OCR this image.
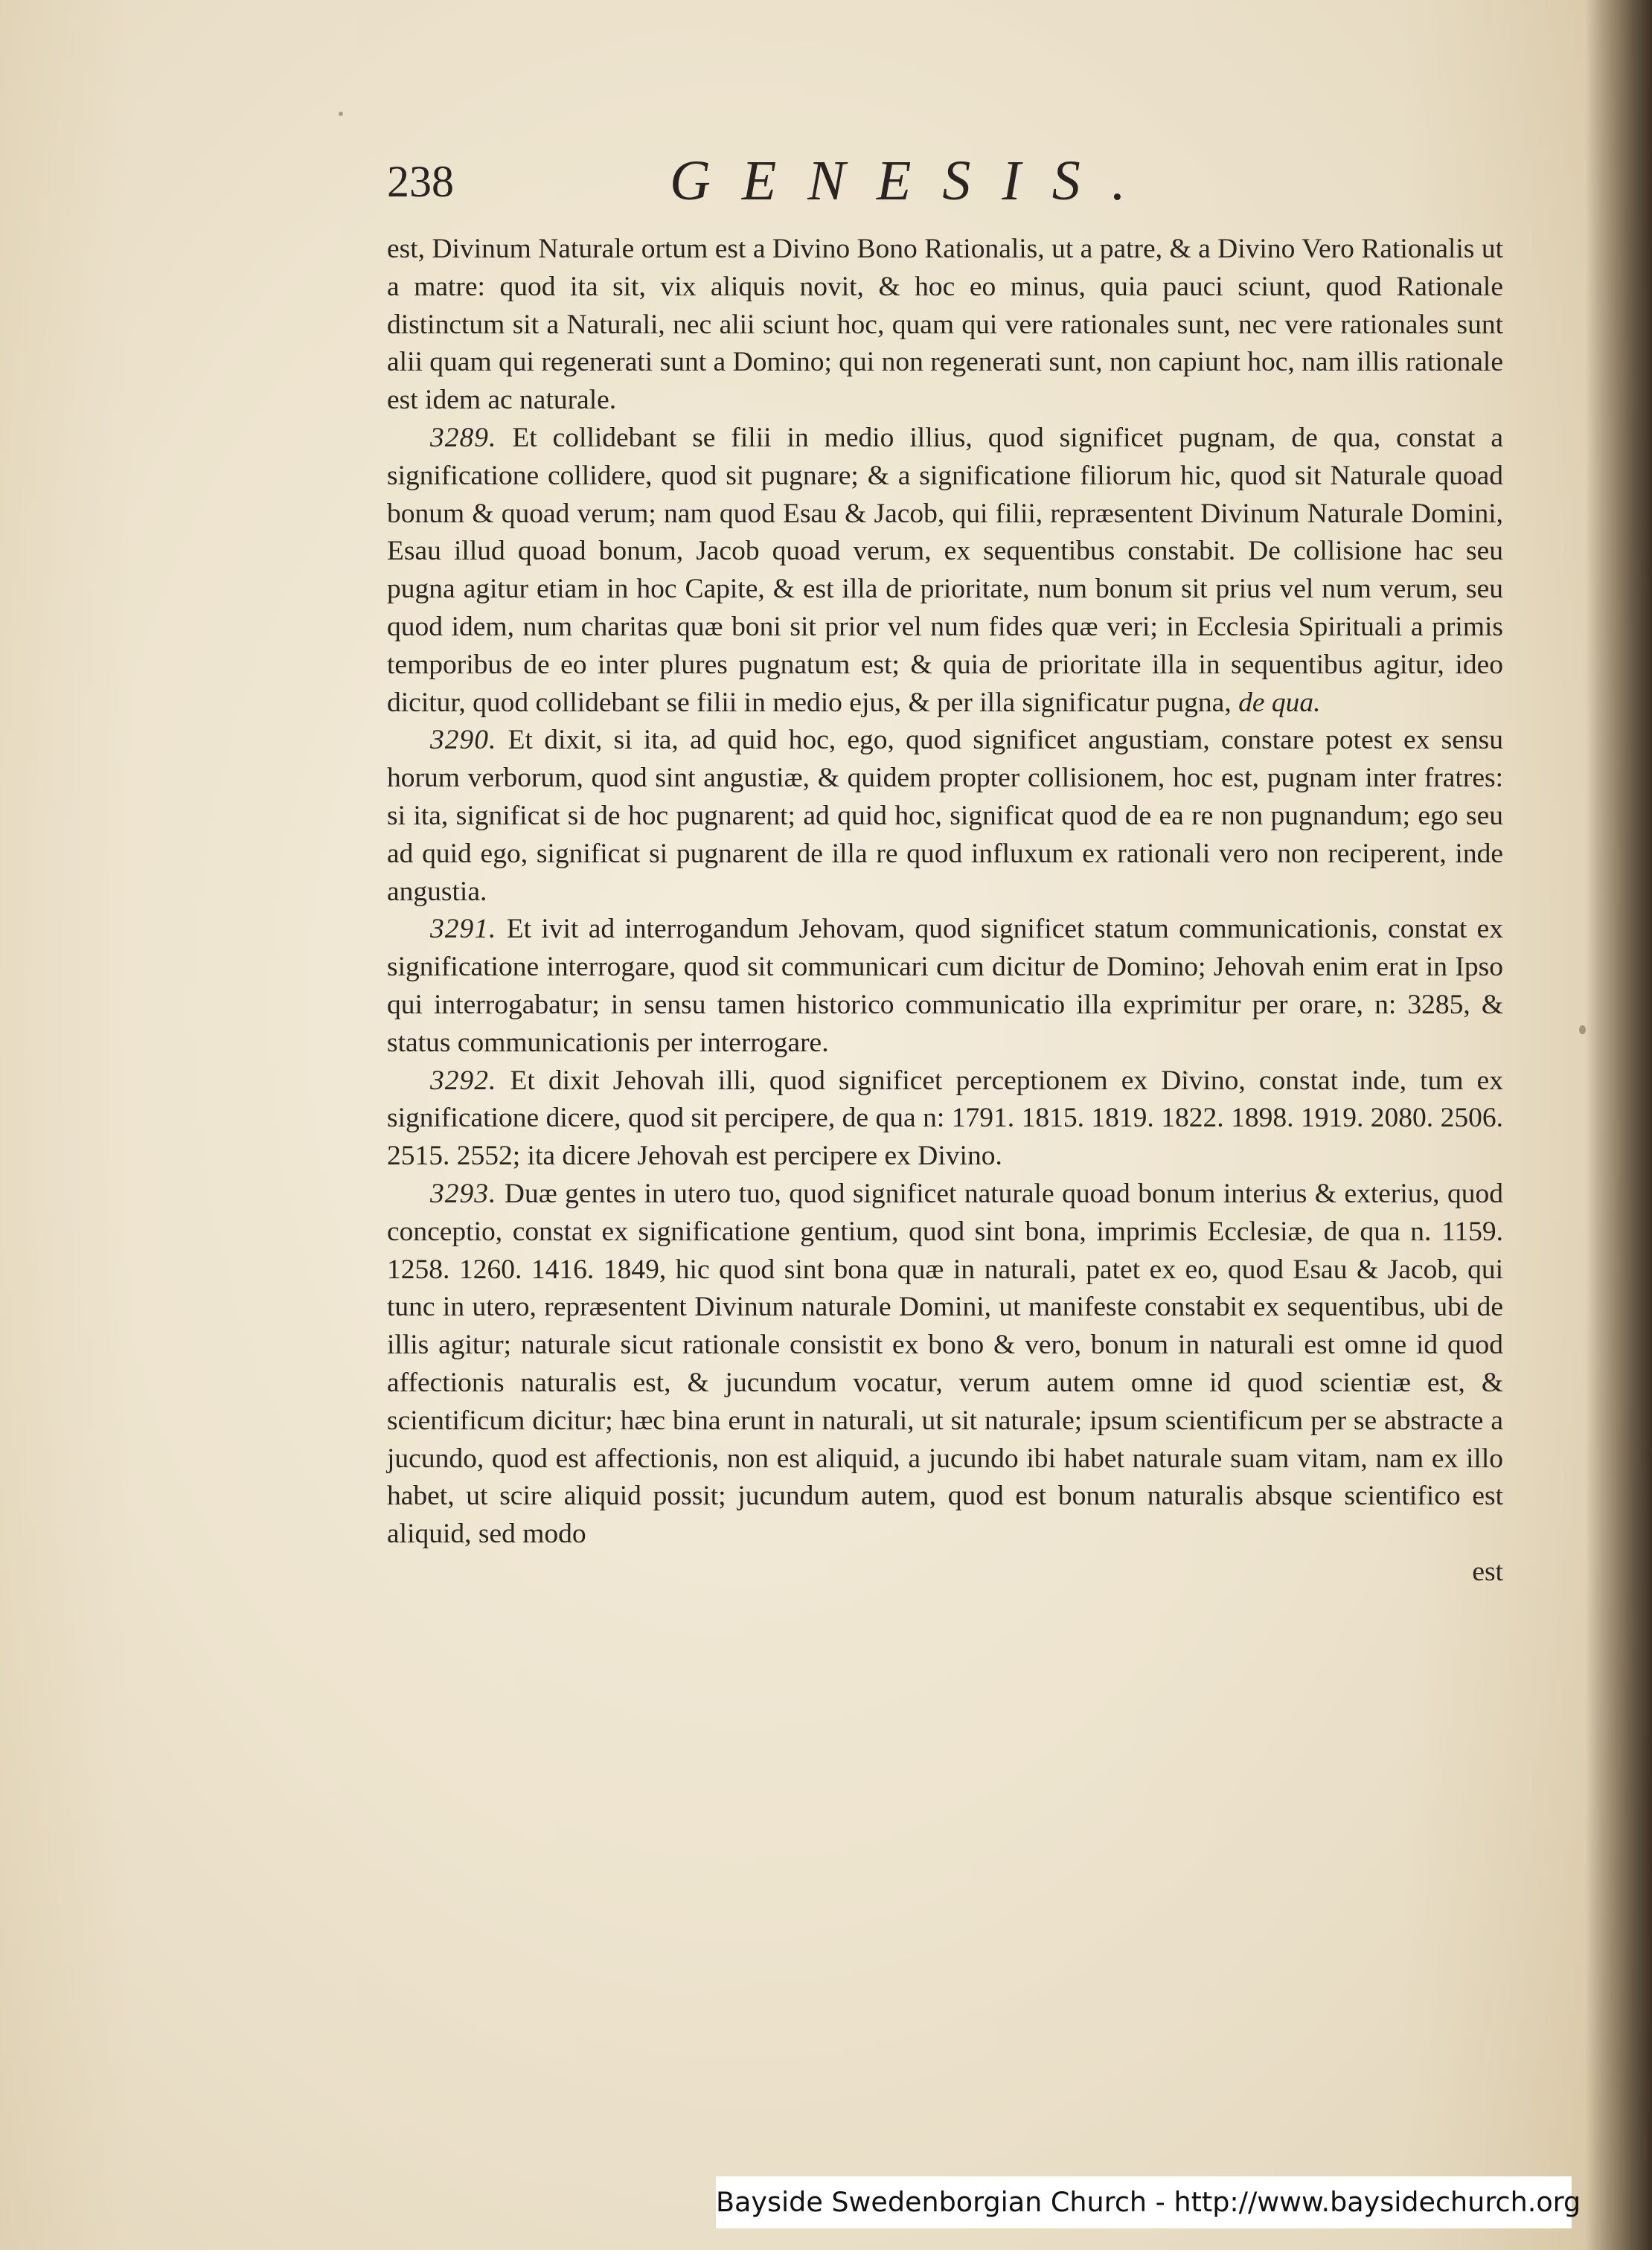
238	GENESIS.

est, Divinum Naturale ortum est a Divino Bono Rationalis, ut a patre, & a Divino Vero Rationalis ut a matre: quod ita sit, vix aliquis novit, & hoc eo minus, quia pauci sciunt, quod Rationale distinctum sit a Naturali, nec alii sciunt hoc, quam qui vere rationales sunt, nec vere rationales sunt alii quam qui regenerati sunt a Domino; qui non regenerati sunt, non capiunt hoc, nam illis rationale est idem ac naturale.

3289. Et collidebant se filii in medio illius, quod significet pugnam, de qua, constat a significatione collidere, quod sit pugnare; & a significatione filiorum hic, quod sit Naturale quoad bonum & quoad verum; nam quod Esau & Jacob, qui filii, repræsentent Divinum Naturale Domini, Esau illud quoad bonum, Jacob quoad verum, ex sequentibus constabit. De collisione hac seu pugna agitur etiam in hoc Capite, & est illa de prioritate, num bonum sit prius vel num verum, seu quod idem, num charitas quæ boni sit prior vel num fides quæ veri; in Ecclesia Spirituali a primis temporibus de eo inter plures pugnatum est; & quia de prioritate illa in sequentibus agitur, ideo dicitur, quod collidebant se filii in medio ejus, & per illa significatur pugna, de qua.

3290. Et dixit, si ita, ad quid hoc, ego, quod significet angustiam, constare potest ex sensu horum verborum, quod sint angustiæ, & quidem propter collisionem, hoc est, pugnam inter fratres: si ita, significat si de hoc pugnarent; ad quid hoc, significat quod de ea re non pugnandum; ego seu ad quid ego, significat si pugnarent de illa re quod influxum ex rationali vero non reciperent, inde angustia.

3291. Et ivit ad interrogandum Jehovam, quod significet statum communicationis, constat ex significatione interrogare, quod sit communicari cum dicitur de Domino; Jehovah enim erat in Ipso qui interrogabatur; in sensu tamen historico communicatio illa exprimitur per orare, n: 3285, & status communicationis per interrogare.

3292. Et dixit Jehovah illi, quod significet perceptionem ex Divino, constat inde, tum ex significatione dicere, quod sit percipere, de qua n: 1791. 1815. 1819. 1822. 1898. 1919. 2080. 2506. 2515. 2552; ita dicere Jehovah est percipere ex Divino.

3293. Duæ gentes in utero tuo, quod significet naturale quoad bonum interius & exterius, quod conceptio, constat ex significatione gentium, quod sint bona, imprimis Ecclesiæ, de qua n. 1159. 1258. 1260. 1416. 1849, hic quod sint bona quæ in naturali, patet ex eo, quod Esau & Jacob, qui tunc in utero, repræsentent Divinum naturale Domini, ut manifeste constabit ex sequentibus, ubi de illis agitur; naturale sicut rationale consistit ex bono & vero, bonum in naturali est omne id quod affectionis naturalis est, & jucundum vocatur, verum autem omne id quod scientiæ est, & scientificum dicitur; hæc bina erunt in naturali, ut sit naturale; ipsum scientificum per se abstracte a jucundo, quod est affectionis, non est aliquid, a jucundo ibi habet naturale suam vitam, nam ex illo habet, ut scire aliquid possit; jucundum autem, quod est bonum naturalis absque scientifico est aliquid, sed modo

est

Bayside Swedenborgian Church - http://www.baysidechurch.org
